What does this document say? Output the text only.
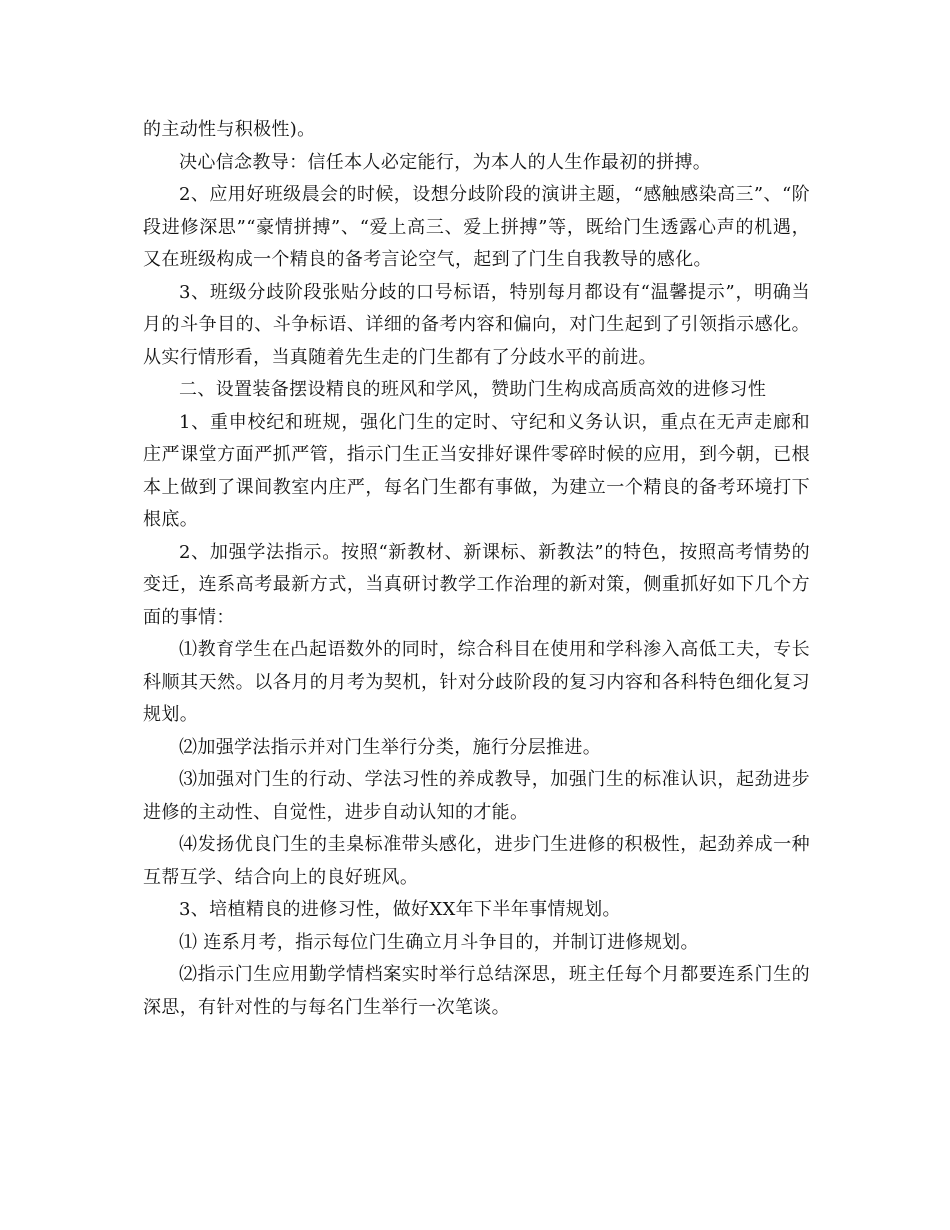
的主动性与积极性)。

决心信念教导：信任本人必定能行，为本人的人生作最初的拼搏。

2、应用好班级晨会的时候，设想分歧阶段的演讲主题，“感触感染高三”、“阶段进修深思”“豪情拼搏”、“爱上高三、爱上拼搏”等，既给门生透露心声的机遇，又在班级构成一个精良的备考言论空气，起到了门生自我教导的感化。

3、班级分歧阶段张贴分歧的口号标语，特别每月都设有“温馨提示”，明确当月的斗争目的、斗争标语、详细的备考内容和偏向，对门生起到了引领指示感化。从实行情形看，当真随着先生走的门生都有了分歧水平的前进。

二、设置装备摆设精良的班风和学风，赞助门生构成高质高效的进修习性

1、重申校纪和班规，强化门生的定时、守纪和义务认识，重点在无声走廊和庄严课堂方面严抓严管，指示门生正当安排好课件零碎时候的应用，到今朝，已根本上做到了课间教室内庄严，每名门生都有事做，为建立一个精良的备考环境打下根底。

2、加强学法指示。按照“新教材、新课标、新教法”的特色，按照高考情势的变迁，连系高考最新方式，当真研讨教学工作治理的新对策，侧重抓好如下几个方面的事情：

⑴教育学生在凸起语数外的同时，综合科目在使用和学科渗入高低工夫，专长科顺其天然。以各月的月考为契机，针对分歧阶段的复习内容和各科特色细化复习规划。

⑵加强学法指示并对门生举行分类，施行分层推进。

⑶加强对门生的行动、学法习性的养成教导，加强门生的标准认识，起劲进步进修的主动性、自觉性，进步自动认知的才能。

⑷发扬优良门生的圭臬标准带头感化，进步门生进修的积极性，起劲养成一种互帮互学、结合向上的良好班风。

3、培植精良的进修习性，做好XX年下半年事情规划。

⑴ 连系月考，指示每位门生确立月斗争目的，并制订进修规划。

⑵指示门生应用勤学情档案实时举行总结深思，班主任每个月都要连系门生的深思，有针对性的与每名门生举行一次笔谈。
